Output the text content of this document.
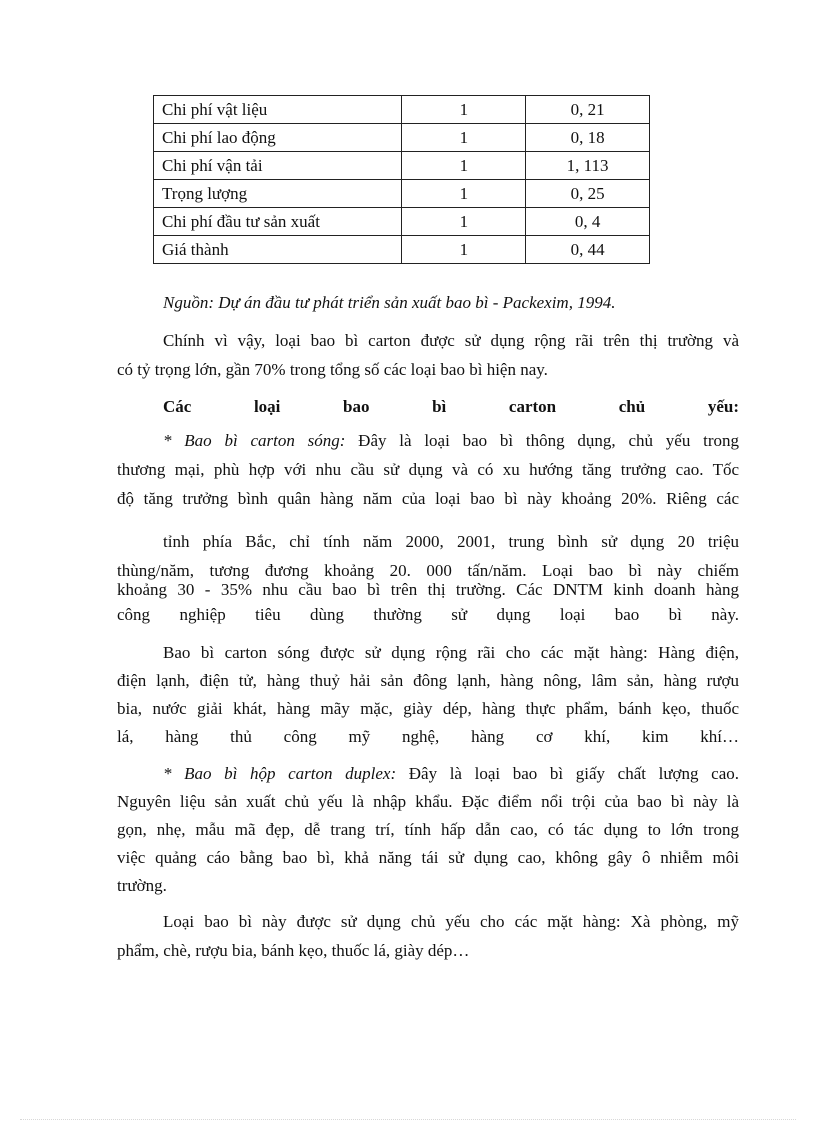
Chi phí vật liệu	1	0, 21
Chi phí lao động	1	0, 18
Chi phí vận tải	1	1, 113
Trọng lượng	1	0, 25
Chi phí đầu tư sản xuất	1	0, 4
Giá thành	1	0, 44

Nguồn: Dự án đầu tư phát triển sản xuất bao bì - Packexim, 1994.

Chính vì vậy, loại bao bì carton được sử dụng rộng rãi trên thị trường và

có tỷ trọng lớn, gần 70% trong tổng số các loại bao bì hiện nay.

Các loại bao bì carton chủ yếu:

* Bao bì carton sóng: Đây là loại bao bì thông dụng, chủ yếu trong

thương mại, phù hợp với nhu cầu sử dụng và có xu hướng tăng trưởng cao. Tốc

độ tăng trưởng bình quân hàng năm của loại bao bì này khoảng 20%. Riêng các

tỉnh phía Bắc, chỉ tính năm 2000, 2001, trung bình sử dụng 20 triệu

thùng/năm, tương đương khoảng 20. 000 tấn/năm. Loại bao bì này chiếm

khoảng 30 - 35% nhu cầu bao bì trên thị trường. Các DNTM kinh doanh hàng

công nghiệp tiêu dùng thường sử dụng loại bao bì này.

Bao bì carton sóng được sử dụng rộng rãi cho các mặt hàng: Hàng điện,

điện lạnh, điện tử, hàng thuỷ hải sản đông lạnh, hàng nông, lâm sản, hàng rượu

bia, nước giải khát, hàng mãy mặc, giày dép, hàng thực phẩm, bánh kẹo, thuốc

lá, hàng thủ công mỹ nghệ, hàng cơ khí, kim khí…

* Bao bì hộp carton duplex: Đây là loại bao bì giấy chất lượng cao.

Nguyên liệu sản xuất chủ yếu là nhập khẩu. Đặc điểm nổi trội của bao bì này là

gọn, nhẹ, mẫu mã đẹp, dễ trang trí, tính hấp dẫn cao, có tác dụng to lớn trong

việc quảng cáo bằng bao bì, khả năng tái sử dụng cao, không gây ô nhiễm môi

trường.

Loại bao bì này được sử dụng chủ yếu cho các mặt hàng: Xà phòng, mỹ

phẩm, chè, rượu bia, bánh kẹo, thuốc lá, giày dép…
